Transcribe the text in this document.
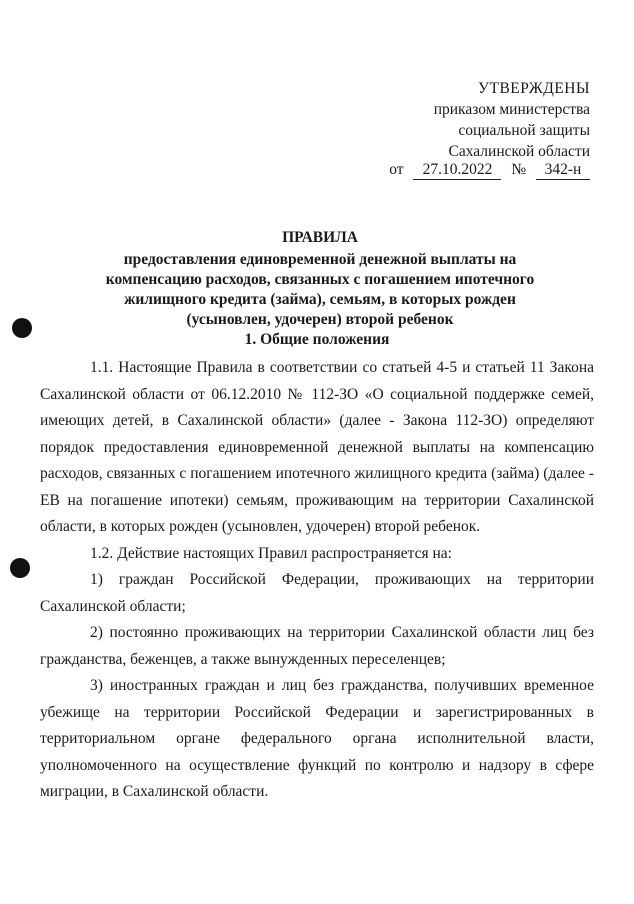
УТВЕРЖДЕНЫ
приказом министерства
социальной защиты
Сахалинской области
от 27.10.2022 № 342-н
ПРАВИЛА
предоставления единовременной денежной выплаты на
компенсацию расходов, связанных с погашением ипотечного
жилищного кредита (займа), семьям, в которых рожден
(усыновлен, удочерен) второй ребенок
1. Общие положения

1.1. Настоящие Правила в соответствии со статьей 4-5 и статьей 11 Закона Сахалинской области от 06.12.2010 № 112-ЗО «О социальной поддержке семей, имеющих детей, в Сахалинской области» (далее - Закона 112-ЗО) определяют порядок предоставления единовременной денежной выплаты на компенсацию расходов, связанных с погашением ипотечного жилищного кредита (займа) (далее - ЕВ на погашение ипотеки) семьям, проживающим на территории Сахалинской области, в которых рожден (усыновлен, удочерен) второй ребенок.

1.2. Действие настоящих Правил распространяется на:

1) граждан Российской Федерации, проживающих на территории Сахалинской области;

2) постоянно проживающих на территории Сахалинской области лиц без гражданства, беженцев, а также вынужденных переселенцев;

3) иностранных граждан и лиц без гражданства, получивших временное убежище на территории Российской Федерации и зарегистрированных в территориальном органе федерального органа исполнительной власти, уполномоченного на осуществление функций по контролю и надзору в сфере миграции, в Сахалинской области.
